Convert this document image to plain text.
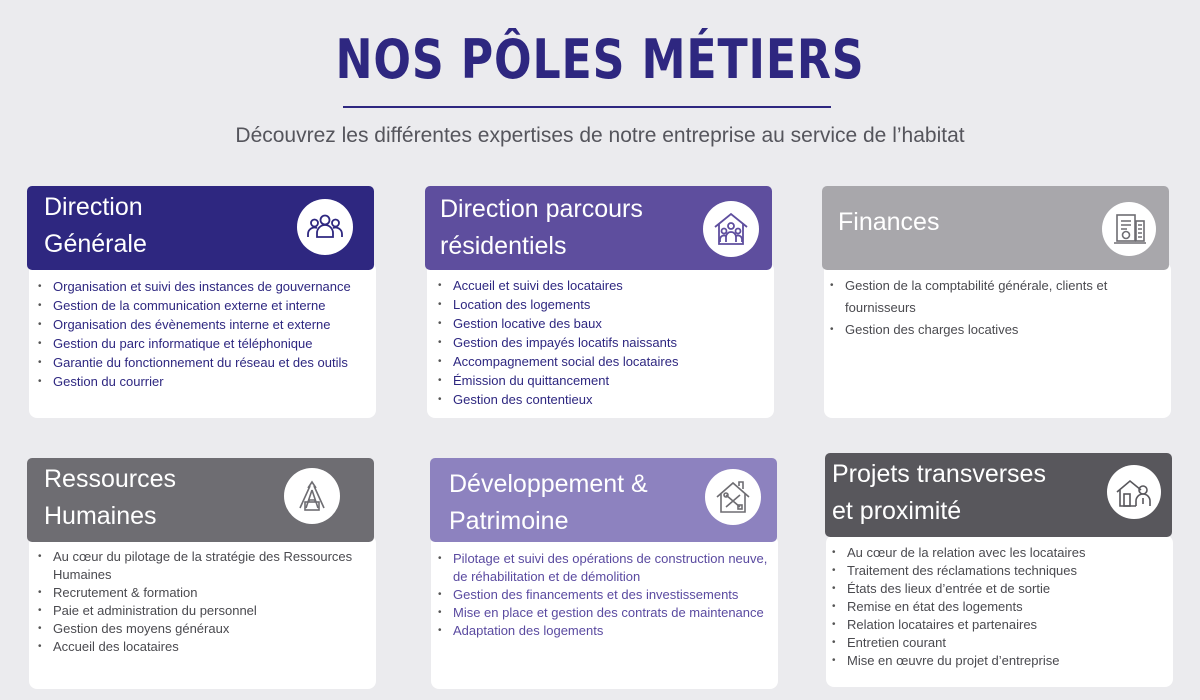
NOS PÔLES MÉTIERS
Découvrez les différentes expertises de notre entreprise au service de l’habitat
Direction
Générale
• Organisation et suivi des instances de gouvernance
• Gestion de la communication externe et interne
• Organisation des évènements interne et externe
• Gestion du parc informatique et téléphonique
• Garantie du fonctionnement du réseau et des outils
• Gestion du courrier
Direction parcours
résidentiels
• Accueil et suivi des locataires
• Location des logements
• Gestion locative des baux
• Gestion des impayés locatifs naissants
• Accompagnement social des locataires
• Émission du quittancement
• Gestion des contentieux
Finances
• Gestion de la comptabilité générale, clients et fournisseurs
• Gestion des charges locatives
Ressources
Humaines
• Au cœur du pilotage de la stratégie des Ressources Humaines
• Recrutement & formation
• Paie et administration du personnel
• Gestion des moyens généraux
• Accueil des locataires
Développement &
Patrimoine
• Pilotage et suivi des opérations de construction neuve, de réhabilitation et de démolition
• Gestion des financements et des investissements
• Mise en place et gestion des contrats de maintenance
• Adaptation des logements
Projets transverses
et proximité
• Au cœur de la relation avec les locataires
• Traitement des réclamations techniques
• États des lieux d’entrée et de sortie
• Remise en état des logements
• Relation locataires et partenaires
• Entretien courant
• Mise en œuvre du projet d’entreprise
